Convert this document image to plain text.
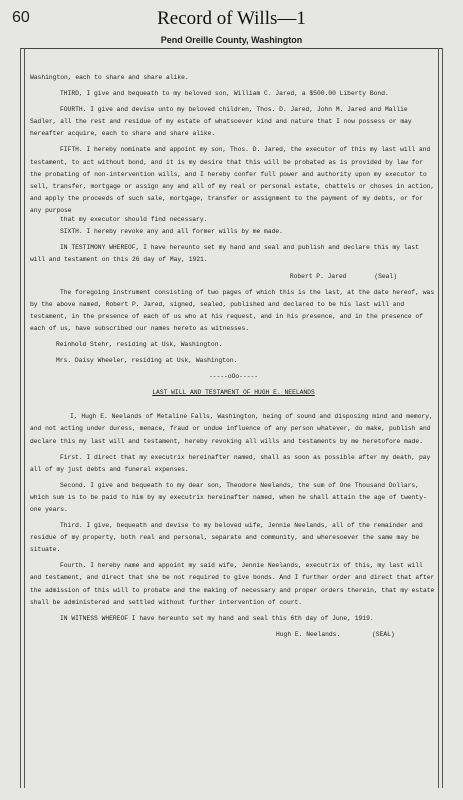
60	Record of Wills—1
Pend Oreille County, Washington

Washington, each to share and share alike.

THIRD, I give and bequeath to my beloved son, William C. Jared, a $500.00 Liberty Bond.

FOURTH. I give and devise unto my beloved children, Thos. D. Jared, John M. Jared and Mallie Sadler, all the rest and residue of my estate of whatsoever kind and nature that I now possess or may hereafter acquire, each to share and share alike.

FIFTH. I hereby nominate and appoint my son, Thos. D. Jared, the executor of this my last will and testament, to act without bond, and it is my desire that this will be probated as is provided by law for the probating of non-intervention wills, and I hereby confer full power and authority upon my executor to sell, transfer, mortgage or assign any and all of my real or personal estate, chattels or choses in action, and apply the proceeds of such sale, mortgage, transfer or assignment to the payment of my debts, or for any purpose

that my executor should find necessary.

SIXTH. I hereby revoke any and all former wills by me made.

IN TESTIMONY WHEREOF, I have hereunto set my hand and seal and publish and declare this my last will and testament on this 26 day of May, 1921.

Robert P. Jared	(Seal)

The foregoing instrument consisting of two pages of which this is the last, at the date hereof, was by the above named, Robert P. Jared, signed, sealed, published and declared to be his last will and testament, in the presence of each of us who at his request, and in his presence, and in the presence of each of us, have subscribed our names hereto as witnesses.

Reinhold Stehr, residing at Usk, Washington.

Mrs. Daisy Wheeler, residing at Usk, Washington.

-----oOo-----

LAST WILL AND TESTAMENT OF HUGH E. NEELANDS

I, Hugh E. Neelands of Metaline Falls, Washington, being of sound and disposing mind and memory, and not acting under duress, menace, fraud or undue influence of any person whatever, do make, publish and declare this my last will and testament, hereby revoking all wills and testaments by me heretofore made.

First. I direct that my executrix hereinafter named, shall as soon as possible after my death, pay all of my just debts and funeral expenses.

Second. I give and bequeath to my dear son, Theodore Neelands, the sum of One Thousand Dollars, which sum is to be paid to him by my executrix hereinafter named, when he shall attain the age of twenty-one years.

Third. I give, bequeath and devise to my beloved wife, Jennie Neelands, all of the remainder and residue of my property, both real and personal, separate and community, and wheresoever the same may be situate.

Fourth. I hereby name and appoint my said wife, Jennie Neelands, executrix of this, my last will and testament, and direct that she be not required to give bonds. And I further order and direct that after the admission of this will to probate and the making of necessary and proper orders therein, that my estate shall be administered and settled without further intervention of court.

IN WITNESS WHEREOF I have hereunto set my hand and seal this 6th day of June, 1919.

Hugh E. Neelands.	(SEAL)
